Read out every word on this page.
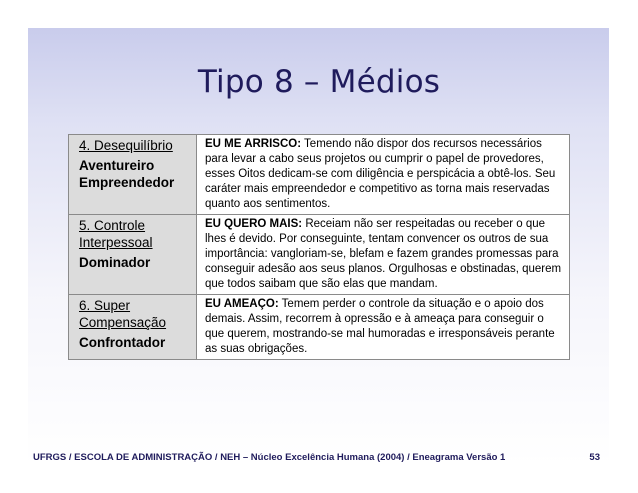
Tipo 8 – Médios
4. Desequilíbrio
Aventureiro Empreendedor	EU ME ARRISCO: Temendo não dispor dos recursos necessários para levar a cabo seus projetos ou cumprir o papel de provedores, esses Oitos dedicam-se com diligência e perspicácia a obtê-los. Seu caráter mais empreendedor e competitivo as torna mais reservadas quanto aos sentimentos.

5. Controle Interpessoal
Dominador	EU QUERO MAIS: Receiam não ser respeitadas ou receber o que lhes é devido. Por conseguinte, tentam convencer os outros de sua importância: vangloriam-se, blefam e fazem grandes promessas para conseguir adesão aos seus planos. Orgulhosas e obstinadas, querem que todos saibam que são elas que mandam.

6. Super Compensação
Confrontador	EU AMEAÇO: Temem perder o controle da situação e o apoio dos demais. Assim, recorrem à opressão e à ameaça para conseguir o que querem, mostrando-se mal humoradas e irresponsáveis perante as suas obrigações.
UFRGS / ESCOLA DE ADMINISTRAÇÃO / NEH – Núcleo Excelência Humana (2004) / Eneagrama Versão 1	53
